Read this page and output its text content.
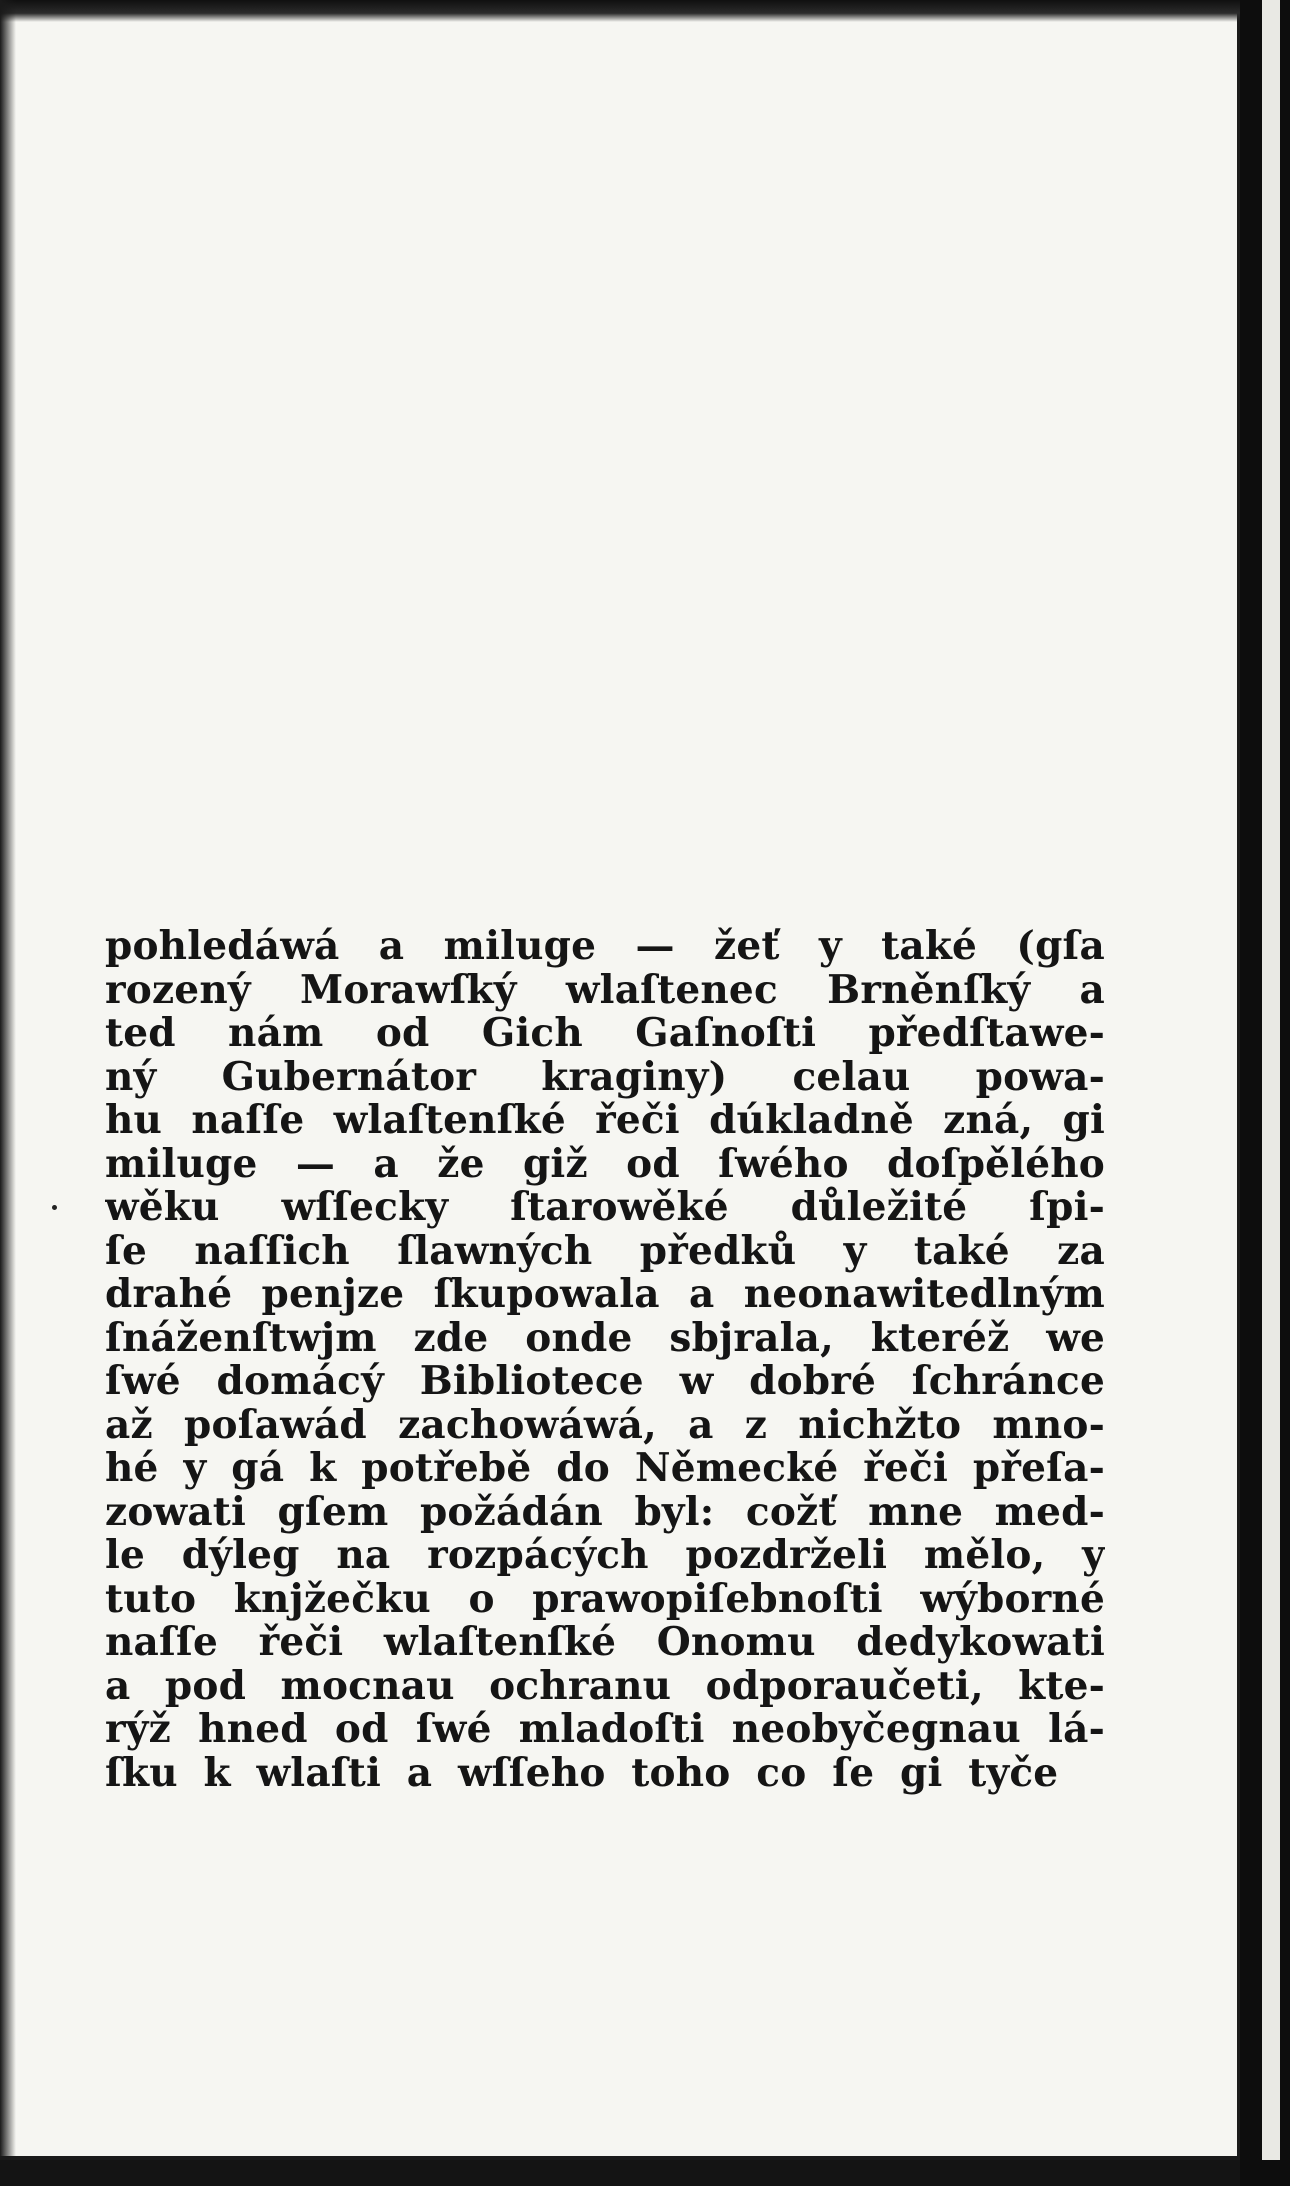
pohledáwá a miluge — žeť y také (gſa
rozený Morawſký wlaſtenec Brněnſký a
ted nám od Gich Gaſnoſti předſtawe-
ný Gubernátor kraginy) celau powa-
hu naſſe wlaſtenſké řeči dúkladně zná, gi
miluge — a že giž od ſwého doſpělého
wěku wſſecky ſtarowěké důležité ſpi-
ſe naſſich ſlawných předků y také za
drahé penjze ſkupowala a neonawitedlným
ſnáženſtwjm zde onde sbjrala, kteréž we
ſwé domácý Bibliotece w dobré ſchránce
až poſawád zachowáwá, a z nichžto mno-
hé y gá k potřebě do Německé řeči přeſa-
zowati gſem požádán byl: cožť mne med-
le dýleg na rozpácých pozdrželi mělo, y
tuto knjžečku o prawopiſebnoſti wýborné
naſſe řeči wlaſtenſké Onomu dedykowati
a pod mocnau ochranu odporaučeti, kte-
rýž hned od ſwé mladoſti neobyčegnau lá-
ſku k wlaſti a wſſeho toho co ſe gi tyče
